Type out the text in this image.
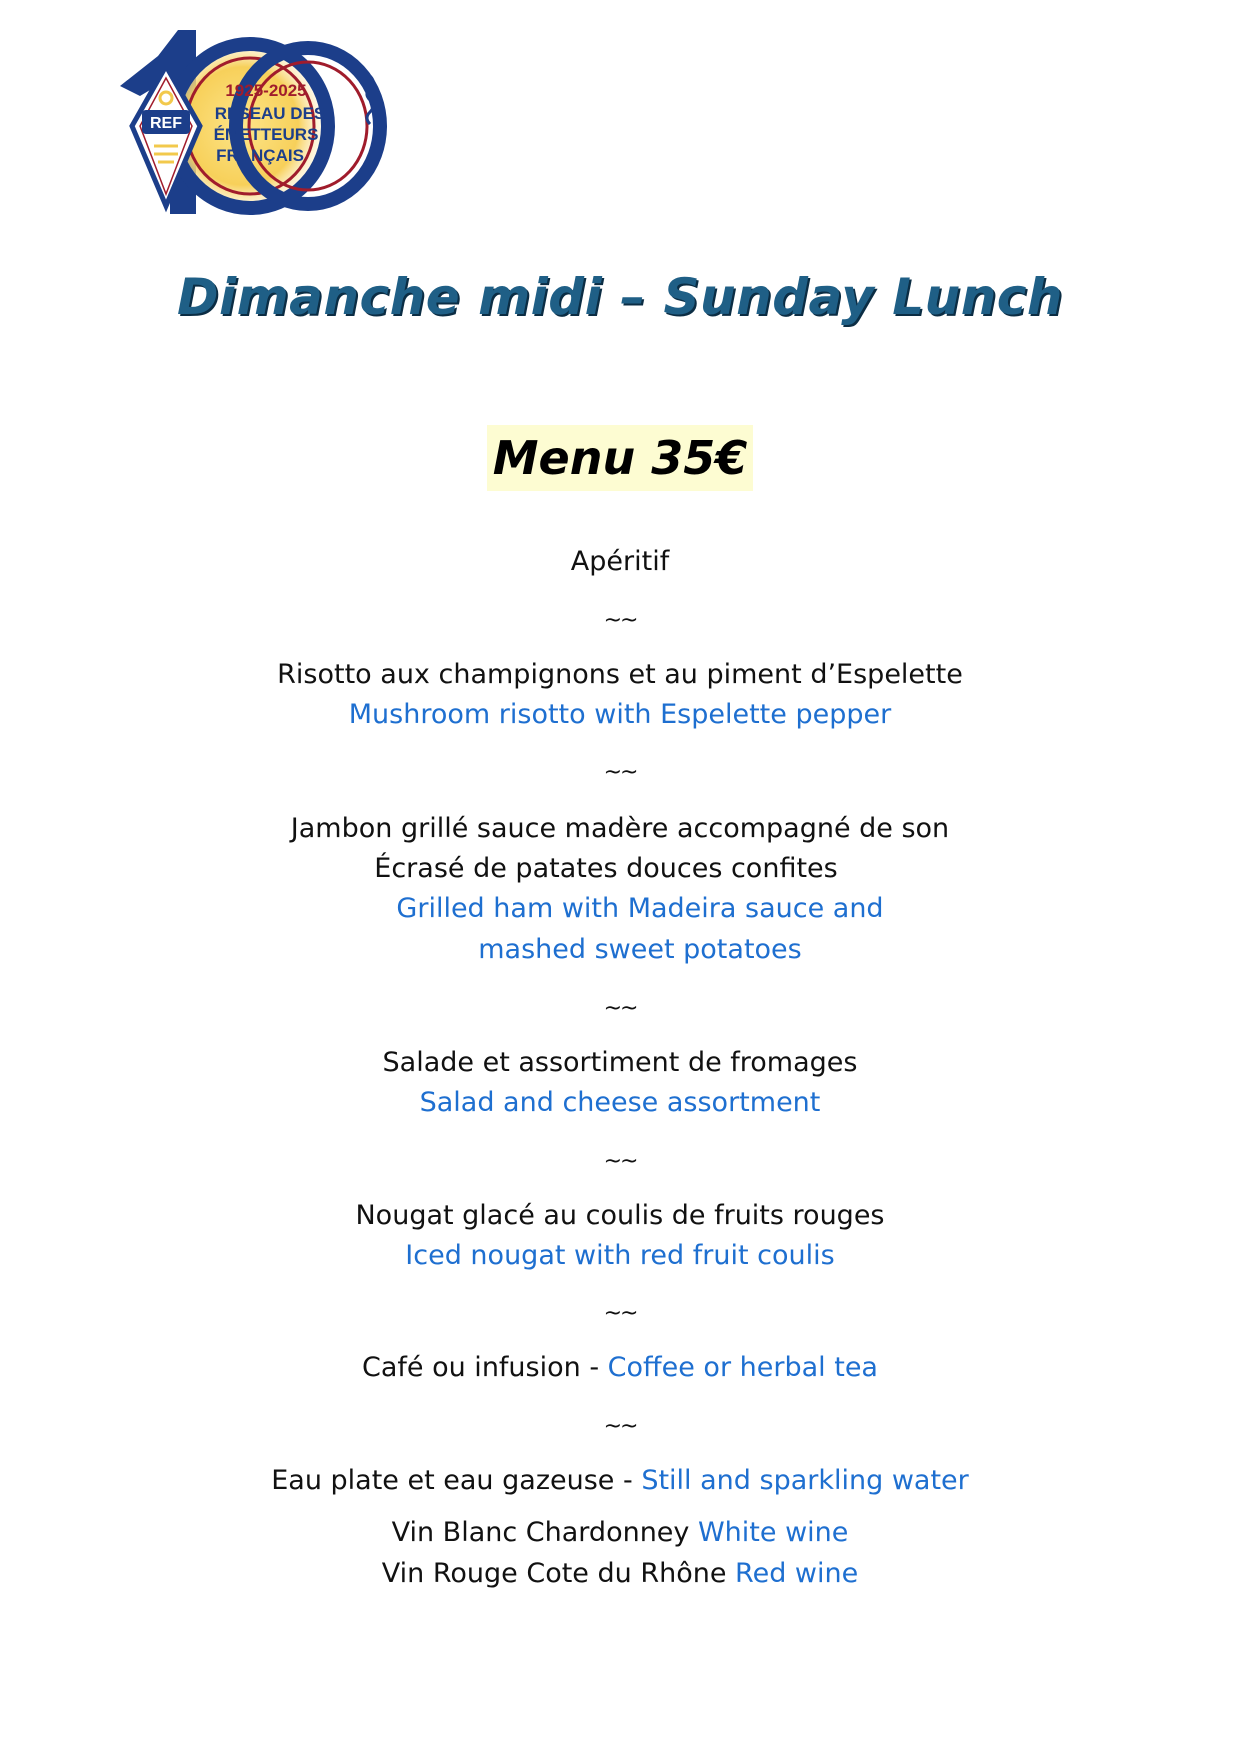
REF
1925-2025
RÉSEAU DES
ÉMETTEURS
FRANÇAIS
Dimanche midi – Sunday Lunch
Menu 35€
Apéritif
~~
Risotto aux champignons et au piment d’Espelette
Mushroom risotto with Espelette pepper
~~
Jambon grillé sauce madère accompagné de son
Écrasé de patates douces confites
Grilled ham with Madeira sauce and
mashed sweet potatoes
~~
Salade et assortiment de fromages
Salad and cheese assortment
~~
Nougat glacé au coulis de fruits rouges
Iced nougat with red fruit coulis
~~
Café ou infusion - Coffee or herbal tea
~~
Eau plate et eau gazeuse - Still and sparkling water
Vin Blanc Chardonney White wine
Vin Rouge Cote du Rhône Red wine
